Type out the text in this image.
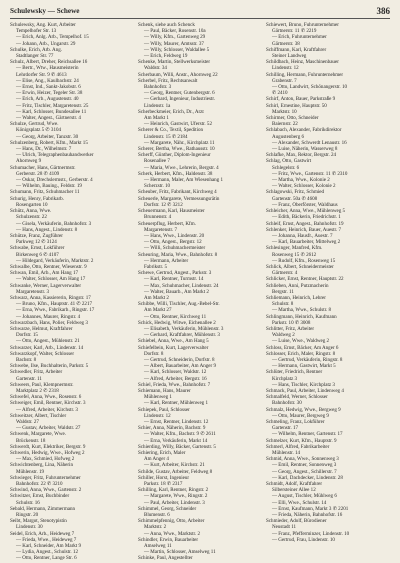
Schulewsky — Schewe	386
Schulewsky, Ang. Kurt, Arbeiter
Tempelhofer Str. 13
— Erich, Anlg. Arb., Tempelhof. 15
— Johann, Arb., Ungarstr. 29
Schulke, Erich, Arb. Ang.
Stadtlanger Str. 77
Schulz, Albert, Dreher, Reichsallee 16
— Bertr., Wtw., Hausmeisterin
Lehrdorfer Str. 9 ✆ 4613
— Elise, Ang., Kaulbachstr. 24
— Ernst, Ind., Sankt-Jakobstr. 6
— Erwin, Heizer, Tegeler Str. 38
— Erich, Arb., Augustenstr. 40
— Fritz, Tischler, Margaretenstr. 25
— Karl, Schlosser, Bundesallee 11
— Walter, Angest., Gärtnerstr. 4
Schulze, Gertrud, Wwe.
Königsplatz 5 ✆ 3104
— Georg, Arbeiter, Tanzstr. 30
Schulzenberg, Robert, Kfm., Markt 15
— Hans, Dr., Wilhelmstr. 7
— Ulrich, Telegraphenbauhandwerker
Ahornweg 9
Schumacher, Hans, Gärtnermstr.
Gerberstr. 28 ✆ 4109
— Oskar, Drechslermstr., Gerberstr. 4
— Wilhelm, Bauing., Feldstr. 19
Schumann, Fritz, Schuhmacher 11
Schurig, Henry, Fabrikarb.
Rosengarten 10
Schütz, Anna, Wwe.
Schulzenstr. 22
— Gisela, Verkäuferin, Bahnhofstr. 3
— Hans, Angest., Lindenstr. 8
Schütze, Franz, Zugführer
Parkweg 12 ✆ 3124
Schwabe, Ernst, Lokführer
Birkenweg 6 ✆ 4107
— Hildegard, Verkäuferin, Marktstr. 2
Schwalbe, Otto, Rentner, Wiesenstr. 9
Schwan, Emil, Arb., Am Hang 17
— Walter, Schlosser, Am Hang 17
Schwanke, Werner, Lagerverwalter
Margaretenstr. 3
Schwarz, Anna, Kassiererin, Ringstr. 17
— Bruno, Kfm., Hauptstr. 41 ✆ 2217
— Erna, Wwe., Fabrikarb., Ringstr. 17
— Johannes, Maurer, Ringstr. 4
Schwarzbach, Hans, Polier, Feldweg 3
Schwarze, Helmut, Kraftfahrer
Dorfstr. 15
— Otto, Angest., Mühlenstr. 21
Schwarzer, Karl, Arb., Lindenstr. 14
Schwarzkopf, Walter, Schlosser
Bachstr. 8
Schwebe, Ilse, Buchhalterin, Parkstr. 5
Schwedler, Fritz, Arbeiter
Gartenstr. 11
Schweers, Paul, Klempnermstr.
Marktplatz 2 ✆ 2318
Schwefel, Anna, Wwe., Rosenstr. 6
Schweiger, Emil, Rentner, Kirchstr. 3
— Alfred, Arbeiter, Kirchstr. 3
Schweitzer, Albert, Tischler
Waldstr. 27
— Gustav, Arbeiter, Waldstr. 27
Schwenk, Margarete, Wwe.
Brückenstr. 18
Schwerdt, Kurt, Elektriker, Bergstr. 9
Schwerin, Hedwig, Wwe., Hofweg 2
— Max, Schmied, Hofweg 2
Schwichtenberg, Lina, Näherin
Mühlenstr. 19
Schwieger, Fritz, Fuhrunternehmer
Bahnhofstr. 22 ✆ 3210
Schwind, Anna, Wwe., Gartenstr. 2
Schwitzer, Ernst, Buchbinder
Schulstr. 16
Sebald, Hermann, Zimmermann
Ringstr. 20
Seibt, Margot, Stenotypistin
Lindenstr. 30
Seidel, Erich, Arb., Heideweg 7
— Frieda, Wwe., Heideweg 7
— Karl, Schneider, Am Markt 9
— Lydia, Angest., Schulstr. 12
— Otto, Rentner, Lange Str. 6
Schenk, siehe auch Schenck
— Paul, Bäcker, Rosenstr. 10a
— Willy, Kfm., Gartenweg 29
— Willy, Maurer, Amtsstr. 37
— Willy, Schlosser, Waldallee 5
— Erich, Feldweg 19
Schenke, Martin, Stellwerksmeister
Waldstr. 34
Scherbaum, Willi, Anstr., Ahornweg 22
Scherbel, Fritz, Rechtsanwalt
Bahnhofstr. 3
— Georg, Rentner, Gutenbergstr. 6
— Gerhard, Ingenieur, Industriestr.
Lindenstr. 1a
Scherbeckmeier, Erich, Dr., Arzt
Am Markt 1
— Heinrich, Gastwirt, Uferstr. 52
Scherer & Co., Textil, Spedition
Lindenstr. 15 ✆ 2184
— Margarete, Nähr., Kirchplatz 11
Scherer, Bertha, Wwe., Rathausstr. 10
Scherff, Günther, Diplom-Ingenieur
Rosenallee 7
— Maria, Wwe., Lehrerin, Bergstr. 4
Scherk, Herbert, Kfm., Haldenstr. 38
— Hermann, Maler, Am Wiesenhang 1
Scherzstr. 10
Scheuber, Fritz, Fabrikant, Kirchweg 4
Scheuerle, Margarete, Vermessungsrätin
Dorfstr. 12 ✆ 3212
Scheuermann, Karl, Hausmeister
Brunnenstr. 4
Scheuerpflug, Herbert, Kfm.
Margaretenstr. 7
— Hans, Wwe., Lindenstr. 20
— Otto, Angest., Bergstr. 12
— Willi, Schuhmachermeister
Scheuring, Maria, Wwe., Bahnhofstr. 8
— Hermann, Arbeiter
Fabrikstr. 5
Schewe, Gertrud, Angest., Parkstr. 3
— Karl, Rentner, Turmstr. 14
— Max, Schuhmacher, Lindenstr. 24
— Walter, Bauarb., Am Markt 2
Am Markt 2
Schibbe, Willi, Tischler, Aug.-Bebel-Str.
Am Markt 27
— Otto, Rentner, Kirchweg 11
Schick, Hedwig, Witwe, Eichenallee 2
— Elisabeth, Verkäuferin, Mühlenstr. 3
— Gerhard, Kraftfahrer, Mühlenstr. 3
Schiebel, Anna, Wwe., Am Hang 5
Schiefelbein, Kurt, Lagerverwalter
Dorfstr. 8
— Gertrud, Schneiderin, Dorfstr. 8
— Albert, Bauarbeiter, Am Anger 9
— Karl, Schlosser, Waldstr. 12
— Alfred, Arbeiter, Bergstr. 16
Schiel, Frieda, Wwe., Bahnhofstr. 7
Schiemann, Hans, Maurer
Mühlenweg 1
— Karl, Rentner, Mühlenweg 1
Schiepek, Paul, Schlosser
Lindenstr. 12
— Ernst, Rentner, Lindenstr. 12
Schier, Anna, Näherin, Bachstr. 9
— Walter, Kfm., Bachstr. 9 ✆ 2611
— Erna, Verkäuferin, Markt 14
Schierding, Willy, Bäcker, Gartenstr. 5
Schiering, Erich, Maler
Am Anger 4
— Kurt, Arbeiter, Kirchstr. 21
Schilde, Gustav, Arbeiter, Feldweg 8
Schiller, Horst, Ingenieur
Parkstr. 18 ✆ 2317
Schilling, Karl, Rentner, Ringstr. 2
— Margarete, Wwe., Ringstr. 2
— Paul, Arbeiter, Lindenstr. 3
Schimmel, Georg, Schneider
Blumenstr. 6
Schimmelpfennig, Otto, Arbeiter
Marktstr. 2
— Anna, Wwe., Marktstr. 2
Schindler, Erwin, Bauarbeiter
Amselweg 11
— Martin, Schlosser, Amselweg 11
Schinke, Paul, Angestellter
Schiewert, Bruno, Fuhrunternehmer
Gärtnerstr. 11 ✆ 2219
— Erich, Fuhrunternehmer
Gärtnerstr. 38
Schiffmann, Karl, Kraftfahrer
Steiner Landweg
Schildbach, Heinz, Maschinenbauer
Lindenstr. 12
Schilling, Hermann, Fuhrunternehmer
Grabenstr. 7
— Otto, Landwirt, Schönangerstr. 10
✆ 2410
Schirf, Anton, Bauer, Parkstraße 9
Schirl, Ernestine, Hauptstr. 50
Marktstr. 10
Schirmer, Otto, Schneider
Baiernstr. 22
Schlabach, Alexander, Fabrikdirektor
Augustenberg 6
— Alexander, Schwerdt Lenaustr. 16
— Luise, Näherin, Wasserweg 8
Schlafke, Max, Rektor, Bergstr. 24
Schlag, Otto, Gastwirt
Schlegelstr. 6
— Fritz, Wwe., Gartenstr. 11 ✆ 2310
— Martha, Wwe., Kolonie 2
— Walter, Schlosser, Kolonie 2
Schlagowski, Fritz, Schmied
Gartenstr. 50a ✆ 4608
— Franz, Oberförster, Waldhaus
Schleicher, Anna, Wwe., Mühlenweg 5
— Edith, Bäckerin, Friedrichstr. 1
Schleif, Ernst, Angest., Bahnhofstr. 19
Schlenker, Heinrich, Bauer, Auestr. 7
— Johanna, Hausfr., Auestr. 7
— Karl, Bauarbeiter, Mittelweg 2
Schlesinger, Manfred, Kfm.
Rosenweg 15 ✆ 2612
— Rudolf, Kfm., Rosenweg 15
Schlick, Albert, Schneidermeister
Gärtnerstr. 4
Schlicker, Ernst, Rentner, Hauptstr. 22
Schlieben, Anni, Putzmacherin
Bergstr. 11
Schliemann, Heinrich, Lehrer
Schulstr. 8
— Martha, Wwe., Schulstr. 8
Schlingmann, Heinrich, Kaufmann
Parkstr. 10 ✆ 3008
Schlitter, Fritz, Arbeiter
Waldweg 2
— Luise, Wwe., Waldweg 2
Schloss, Ernst, Bäcker, Am Anger 6
Schlosser, Erich, Maler, Ringstr. 8
— Gertrud, Verkäuferin, Ringstr. 8
— Hermann, Gastwirt, Markt 5
Schlüter, Friedrich, Rentner
Kirchplatz 3
— Hans, Tischler, Kirchplatz 3
Schmack, Paul, Arbeiter, Lindenweg 4
Schmalfeld, Werner, Schlosser
Bahnhofstr. 30
Schmalz, Hedwig, Wwe., Bergweg 9
— Otto, Maurer, Bergweg 9
Schmeling, Franz, Lokführer
Gartenstr. 17
— Wilhelm, Rentner, Gartenstr. 17
Schmelzer, Kurt, Kfm., Hauptstr. 9
Schmerl, Alfred, Fabrikarbeiter
Mühlenstr. 14
Schmid, Anna, Wwe., Sonnenweg 3
— Emil, Rentner, Sonnenweg 3
— Georg, Angest., Schillerstr. 7
— Karl, Dachdecker, Lindenstr. 28
Schmidt, Adolf, Kraftfahrer
Silbersteiner Allee 12
— August, Tischler, Mühlweg 6
— Elli, Wwe., Schulstr. 14
— Ernst, Kaufmann, Markt 3 ✆ 2201
— Frieda, Näherin, Bahnhofstr. 16
Schmieder, Adolf, Bürodiener
Neustadt 11
— Franz, Pfefferminzer, Lindenstr. 10
— Gertrud, Frau, Lindenstr. 10
